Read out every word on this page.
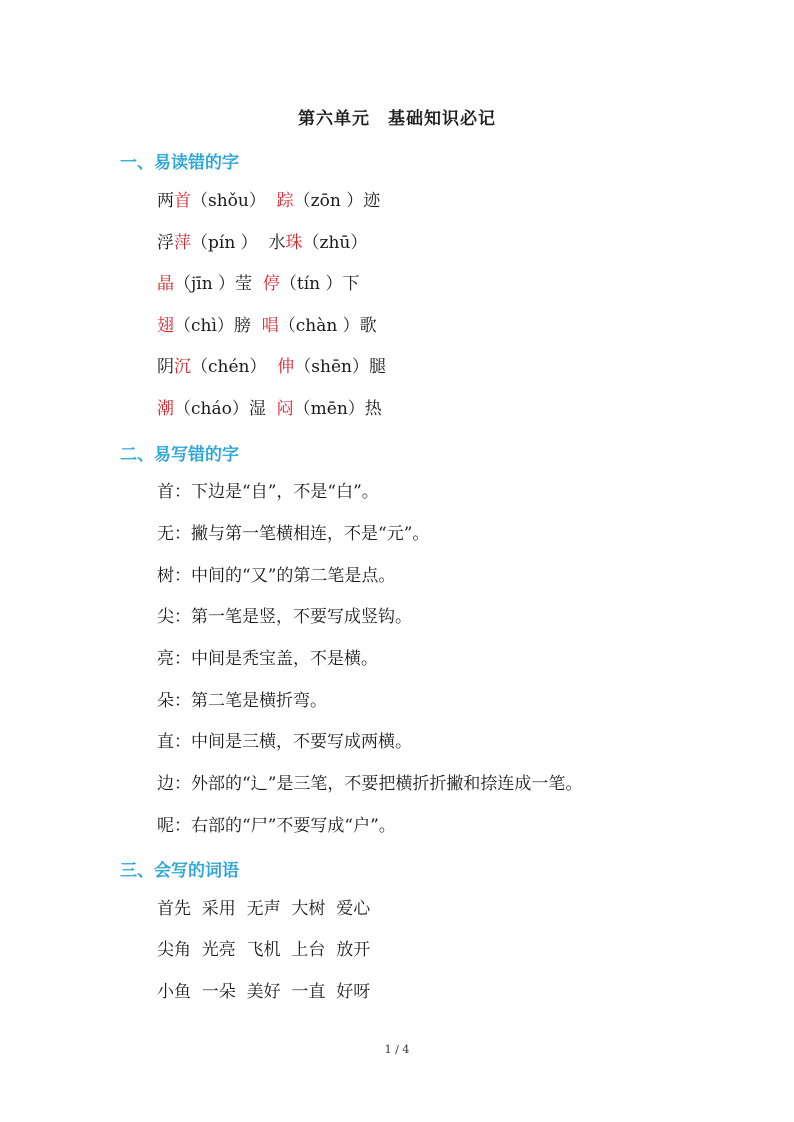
第六单元　基础知识必记
一、易读错的字
两首（shǒu）  踪（zōn ）迹
浮萍（pín ）  水珠（zhū）
晶（jīn ）莹  停（tín ）下
翅（chì）膀  唱（chàn ）歌
阴沉（chén）  伸（shēn）腿
潮（cháo）湿  闷（mēn）热
二、易写错的字
首：下边是“自”，不是“白”。
无：撇与第一笔横相连，不是“元”。
树：中间的“又”的第二笔是点。
尖：第一笔是竖，不要写成竖钩。
亮：中间是秃宝盖，不是横。
朵：第二笔是横折弯。
直：中间是三横，不要写成两横。
边：外部的“辶”是三笔，不要把横折折撇和捺连成一笔。
呢：右部的“尸”不要写成“户”。
三、会写的词语
首先  采用  无声  大树  爱心
尖角  光亮  飞机  上台  放开
小鱼  一朵  美好  一直  好呀
1 / 4
